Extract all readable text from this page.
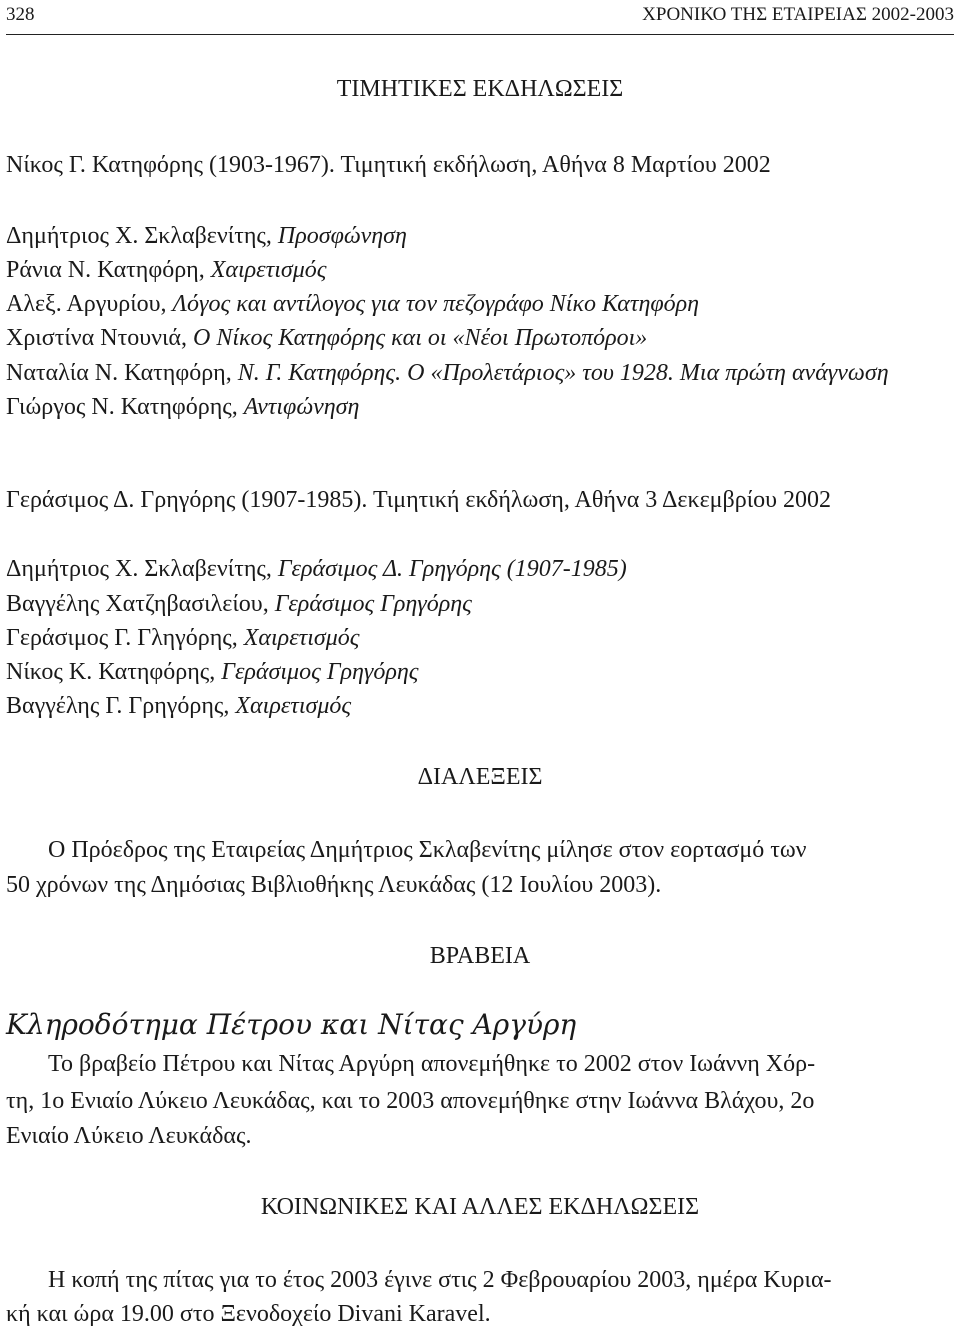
328	ΧΡΟΝΙΚΟ ΤΗΣ ΕΤΑΙΡΕΙΑΣ 2002-2003
ΤΙΜΗΤΙΚΕΣ ΕΚΔΗΛΩΣΕΙΣ
Νίκος Γ. Κατηφόρης (1903-1967). Τιμητική εκδήλωση, Αθήνα 8 Μαρτίου 2002
Δημήτριος Χ. Σκλαβενίτης, Προσφώνηση
Ράνια Ν. Κατηφόρη, Χαιρετισμός
Αλεξ. Αργυρίου, Λόγος και αντίλογος για τον πεζογράφο Νίκο Κατηφόρη
Χριστίνα Ντουνιά, Ο Νίκος Κατηφόρης και οι «Νέοι Πρωτοπόροι»
Ναταλία Ν. Κατηφόρη, Ν. Γ. Κατηφόρης. Ο «Προλετάριος» του 1928. Μια πρώτη ανάγνωση
Γιώργος Ν. Κατηφόρης, Αντιφώνηση
Γεράσιμος Δ. Γρηγόρης (1907-1985). Τιμητική εκδήλωση, Αθήνα 3 Δεκεμβρίου 2002
Δημήτριος Χ. Σκλαβενίτης, Γεράσιμος Δ. Γρηγόρης (1907-1985)
Βαγγέλης Χατζηβασιλείου, Γεράσιμος Γρηγόρης
Γεράσιμος Γ. Γληγόρης, Χαιρετισμός
Νίκος Κ. Κατηφόρης, Γεράσιμος Γρηγόρης
Βαγγέλης Γ. Γρηγόρης, Χαιρετισμός
ΔΙΑΛΕΞΕΙΣ
Ο Πρόεδρος της Εταιρείας Δημήτριος Σκλαβενίτης μίλησε στον εορτασμό των
50 χρόνων της Δημόσιας Βιβλιοθήκης Λευκάδας (12 Ιουλίου 2003).
ΒΡΑΒΕΙΑ
Κληροδότημα Πέτρου και Νίτας Αργύρη
Το βραβείο Πέτρου και Νίτας Αργύρη απονεμήθηκε το 2002 στον Ιωάννη Χόρ-
τη, 1ο Ενιαίο Λύκειο Λευκάδας, και το 2003 απονεμήθηκε στην Ιωάννα Βλάχου, 2ο
Ενιαίο Λύκειο Λευκάδας.
ΚΟΙΝΩΝΙΚΕΣ ΚΑΙ ΑΛΛΕΣ ΕΚΔΗΛΩΣΕΙΣ
Η κοπή της πίτας για το έτος 2003 έγινε στις 2 Φεβρουαρίου 2003, ημέρα Κυρια-
κή και ώρα 19.00 στο Ξενοδοχείο Divani Karavel.
